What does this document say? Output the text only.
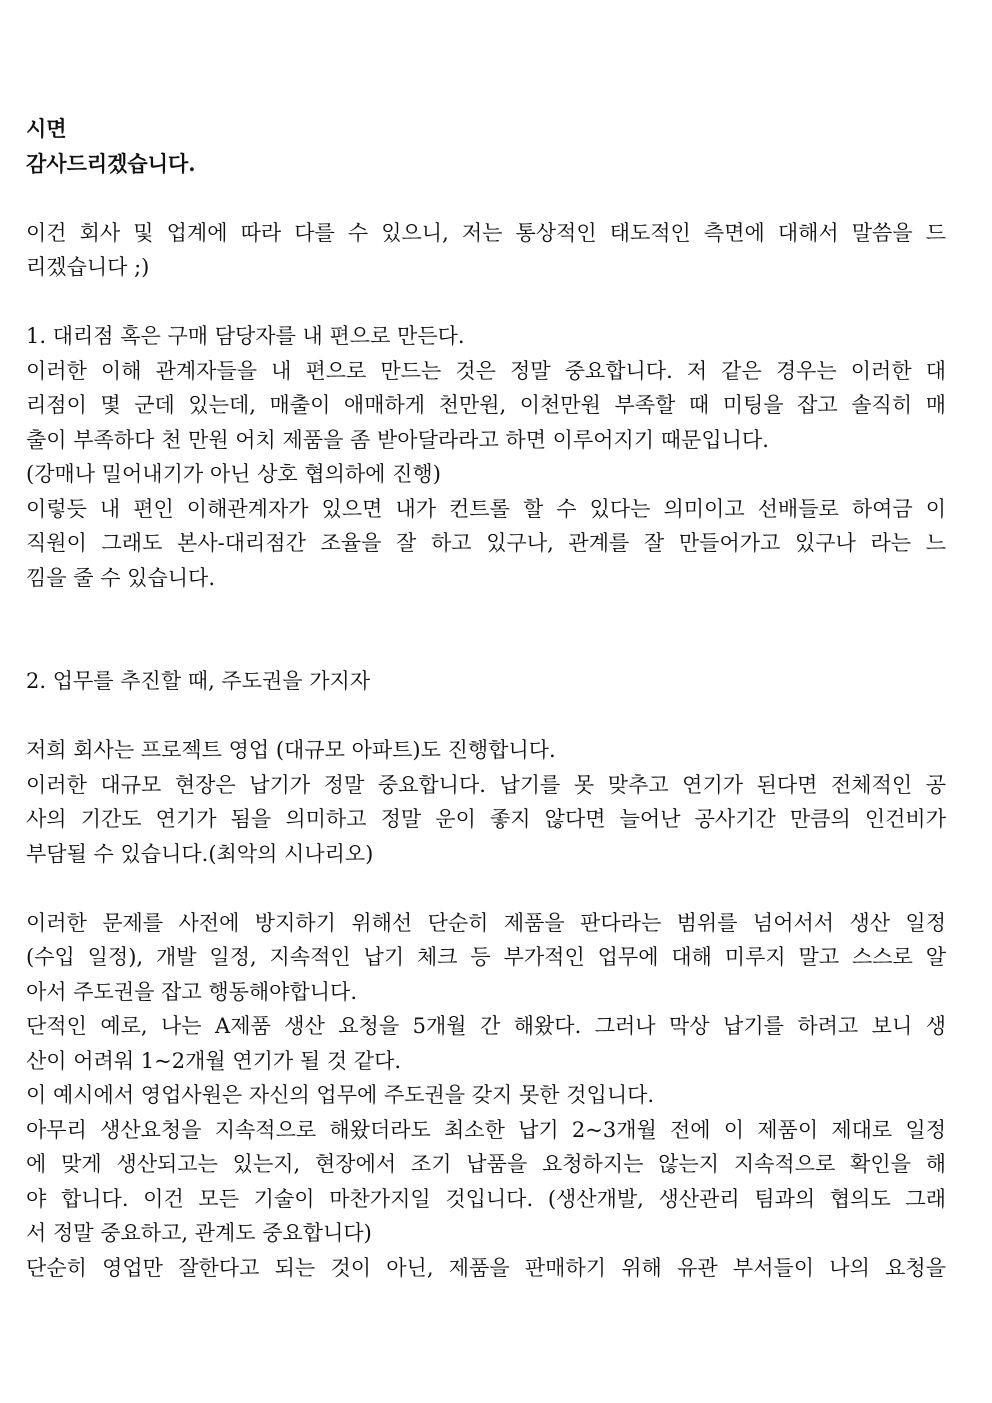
시면
감사드리겠습니다.
이건 회사 및 업계에 따라 다를 수 있으니, 저는 통상적인 태도적인 측면에 대해서 말씀을 드
리겠습니다 ;)
1. 대리점 혹은 구매 담당자를 내 편으로 만든다.
이러한 이해 관계자들을 내 편으로 만드는 것은 정말 중요합니다. 저 같은 경우는 이러한 대
리점이 몇 군데 있는데, 매출이 애매하게 천만원, 이천만원 부족할 때 미팅을 잡고 솔직히 매
출이 부족하다 천 만원 어치 제품을 좀 받아달라라고 하면 이루어지기 때문입니다.
(강매나 밀어내기가 아닌 상호 협의하에 진행)
이렇듯 내 편인 이해관계자가 있으면 내가 컨트롤 할 수 있다는 의미이고 선배들로 하여금 이
직원이 그래도 본사-대리점간 조율을 잘 하고 있구나, 관계를 잘 만들어가고 있구나 라는 느
낌을 줄 수 있습니다.
2. 업무를 추진할 때, 주도권을 가지자
저희 회사는 프로젝트 영업 (대규모 아파트)도 진행합니다.
이러한 대규모 현장은 납기가 정말 중요합니다. 납기를 못 맞추고 연기가 된다면 전체적인 공
사의 기간도 연기가 됨을 의미하고 정말 운이 좋지 않다면 늘어난 공사기간 만큼의 인건비가
부담될 수 있습니다.(최악의 시나리오)
이러한 문제를 사전에 방지하기 위해선 단순히 제품을 판다라는 범위를 넘어서서 생산 일정
(수입 일정), 개발 일정, 지속적인 납기 체크 등 부가적인 업무에 대해 미루지 말고 스스로 알
아서 주도권을 잡고 행동해야합니다.
단적인 예로, 나는 A제품 생산 요청을 5개월 간 해왔다. 그러나 막상 납기를 하려고 보니 생
산이 어려워 1~2개월 연기가 될 것 같다.
이 예시에서 영업사원은 자신의 업무에 주도권을 갖지 못한 것입니다.
아무리 생산요청을 지속적으로 해왔더라도 최소한 납기 2~3개월 전에 이 제품이 제대로 일정
에 맞게 생산되고는 있는지, 현장에서 조기 납품을 요청하지는 않는지 지속적으로 확인을 해
야 합니다. 이건 모든 기술이 마찬가지일 것입니다. (생산개발, 생산관리 팀과의 협의도 그래
서 정말 중요하고, 관계도 중요합니다)
단순히 영업만 잘한다고 되는 것이 아닌, 제품을 판매하기 위해 유관 부서들이 나의 요청을
